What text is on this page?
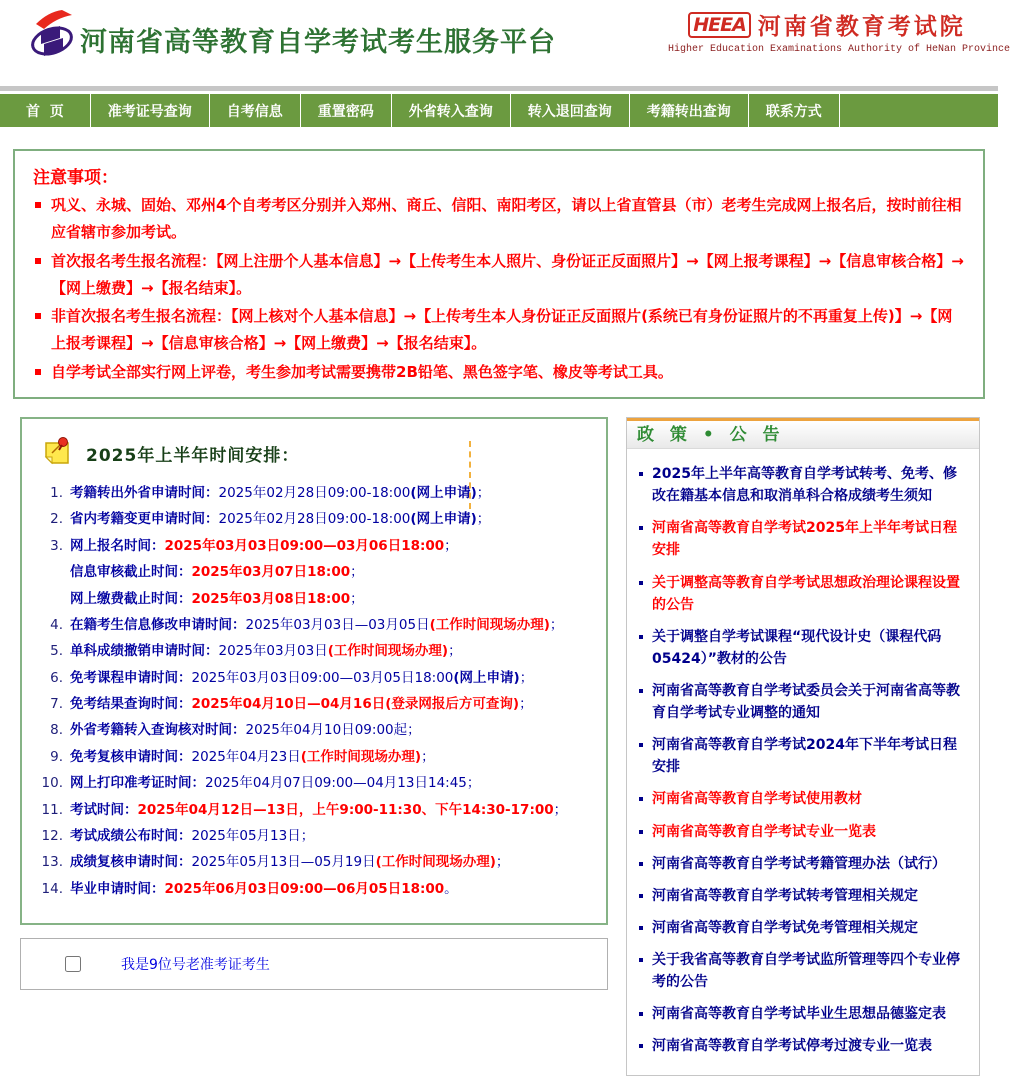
河南省高等教育自学考试考生服务平台
HEEA 河南省教育考试院
Higher Education Examinations Authority of HeNan Province
首  页	准考证号查询	自考信息	重置密码	外省转入查询	转入退回查询	考籍转出查询	联系方式
注意事项：
巩义、永城、固始、邓州4个自考考区分别并入郑州、商丘、信阳、南阳考区，请以上省直管县（市）老考生完成网上报名后，按时前往相应省辖市参加考试。
首次报名考生报名流程：【网上注册个人基本信息】→【上传考生本人照片、身份证正反面照片】→【网上报考课程】→【信息审核合格】→【网上缴费】→【报名结束】。
非首次报名考生报名流程：【网上核对个人基本信息】→【上传考生本人身份证正反面照片(系统已有身份证照片的不再重复上传)】→【网上报考课程】→【信息审核合格】→【网上缴费】→【报名结束】。
自学考试全部实行网上评卷，考生参加考试需要携带2B铅笔、黑色签字笔、橡皮等考试工具。
2025年上半年时间安排：
1. 考籍转出外省申请时间：2025年02月28日09:00-18:00(网上申请)；
2. 省内考籍变更申请时间：2025年02月28日09:00-18:00(网上申请)；
3. 网上报名时间：2025年03月03日09:00—03月06日18:00；
信息审核截止时间：2025年03月07日18:00；
网上缴费截止时间：2025年03月08日18:00；
4. 在籍考生信息修改申请时间：2025年03月03日—03月05日(工作时间现场办理)；
5. 单科成绩撤销申请时间：2025年03月03日(工作时间现场办理)；
6. 免考课程申请时间：2025年03月03日09:00—03月05日18:00(网上申请)；
7. 免考结果查询时间：2025年04月10日—04月16日(登录网报后方可查询)；
8. 外省考籍转入查询核对时间：2025年04月10日09:00起；
9. 免考复核申请时间：2025年04月23日(工作时间现场办理)；
10. 网上打印准考证时间：2025年04月07日09:00—04月13日14:45；
11. 考试时间：2025年04月12日—13日，上午9:00-11:30、下午14:30-17:00；
12. 考试成绩公布时间：2025年05月13日；
13. 成绩复核申请时间：2025年05月13日—05月19日(工作时间现场办理)；
14. 毕业申请时间：2025年06月03日09:00—06月05日18:00。
我是9位号老准考证考生
政 策 • 公 告
2025年上半年高等教育自学考试转考、免考、修改在籍基本信息和取消单科合格成绩考生须知
河南省高等教育自学考试2025年上半年考试日程安排
关于调整高等教育自学考试思想政治理论课程设置的公告
关于调整自学考试课程“现代设计史（课程代码05424）”教材的公告
河南省高等教育自学考试委员会关于河南省高等教育自学考试专业调整的通知
河南省高等教育自学考试2024年下半年考试日程安排
河南省高等教育自学考试使用教材
河南省高等教育自学考试专业一览表
河南省高等教育自学考试考籍管理办法（试行）
河南省高等教育自学考试转考管理相关规定
河南省高等教育自学考试免考管理相关规定
关于我省高等教育自学考试监所管理等四个专业停考的公告
河南省高等教育自学考试毕业生思想品德鉴定表
河南省高等教育自学考试停考过渡专业一览表
